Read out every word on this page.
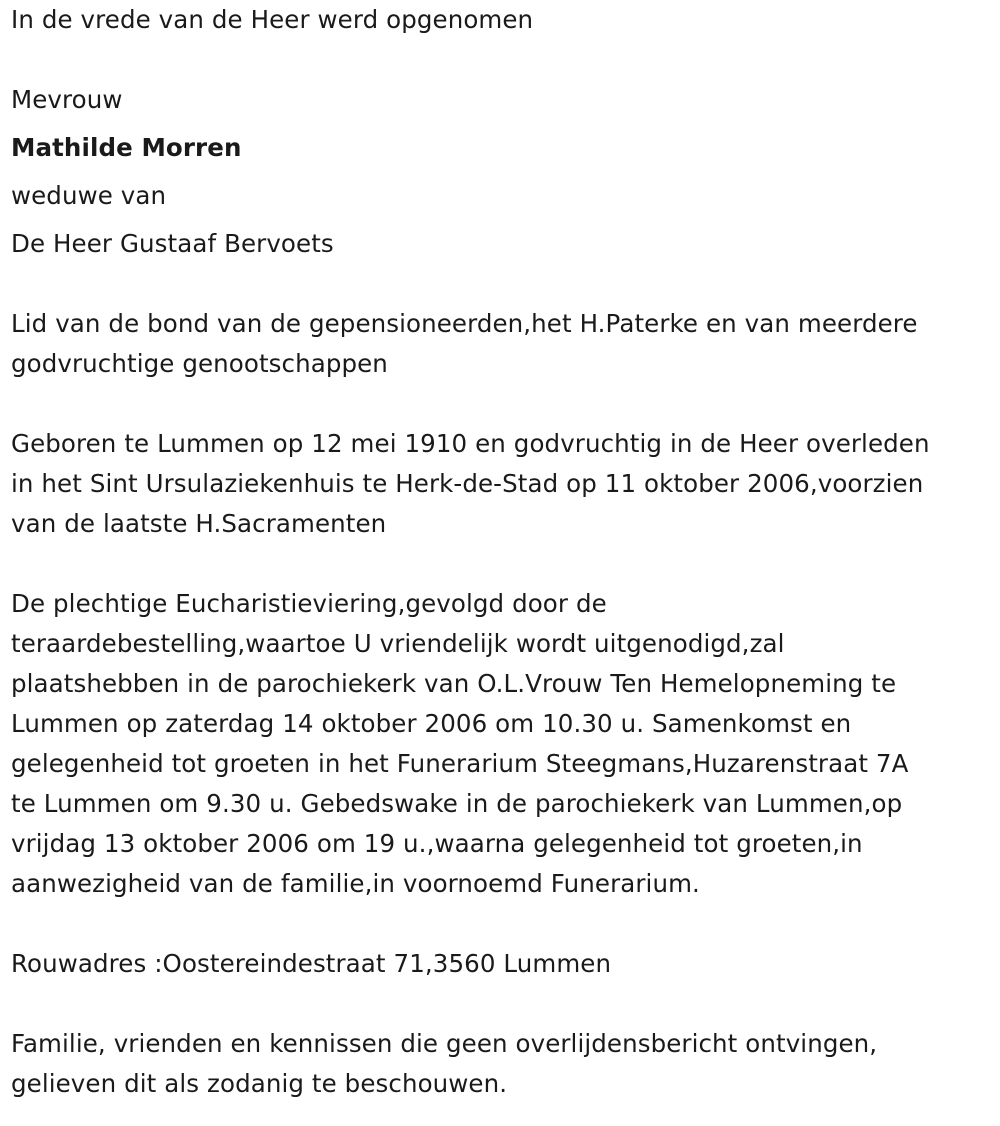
In de vrede van de Heer werd opgenomen

Mevrouw

Mathilde Morren

weduwe van

De Heer Gustaaf Bervoets

Lid van de bond van de gepensioneerden,het H.Paterke en van meerdere

godvruchtige genootschappen

Geboren te Lummen op 12 mei 1910 en godvruchtig in de Heer overleden

in het Sint Ursulaziekenhuis te Herk-de-Stad op 11 oktober 2006,voorzien

van de laatste H.Sacramenten

De plechtige Eucharistieviering,gevolgd door de

teraardebestelling,waartoe U vriendelijk wordt uitgenodigd,zal

plaatshebben in de parochiekerk van O.L.Vrouw Ten Hemelopneming te

Lummen op zaterdag 14 oktober 2006 om 10.30 u. Samenkomst en

gelegenheid tot groeten in het Funerarium Steegmans,Huzarenstraat 7A

te Lummen om 9.30 u. Gebedswake in de parochiekerk van Lummen,op

vrijdag 13 oktober 2006 om 19 u.,waarna gelegenheid tot groeten,in

aanwezigheid van de familie,in voornoemd Funerarium.

Rouwadres :Oostereindestraat 71,3560 Lummen

Familie, vrienden en kennissen die geen overlijdensbericht ontvingen,

gelieven dit als zodanig te beschouwen.
